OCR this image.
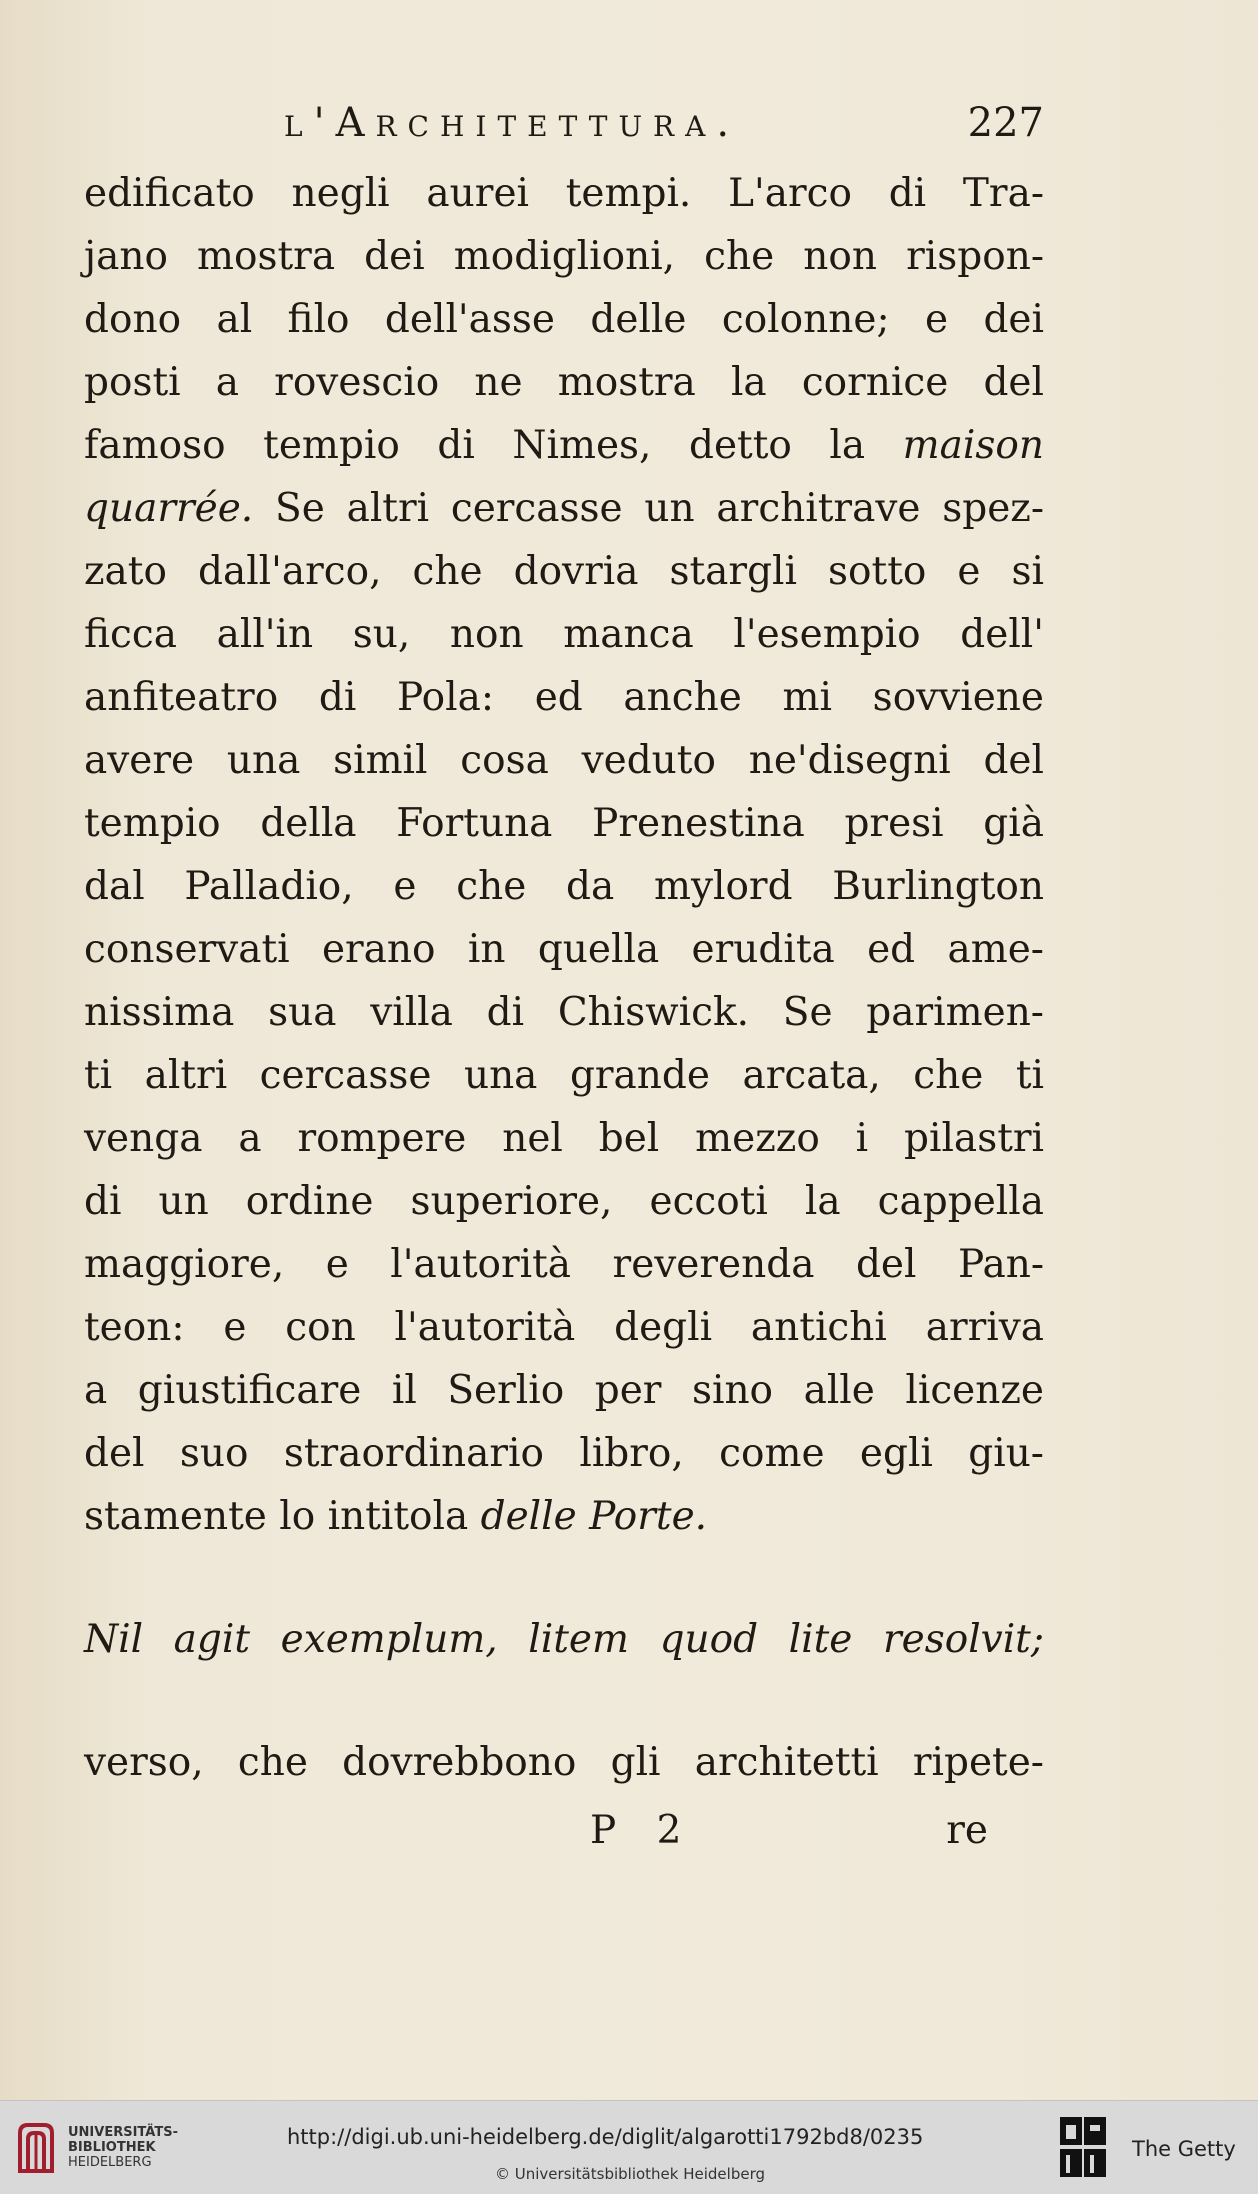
l'Architettura.	227
edificato negli aurei tempi. L'arco di Tra-
jano mostra dei modiglioni, che non rispon-
dono al filo dell'asse delle colonne; e dei
posti a rovescio ne mostra la cornice del
famoso tempio di Nimes, detto la maison
quarrée. Se altri cercasse un architrave spez-
zato dall'arco, che dovria stargli sotto e si
ficca all'in su, non manca l'esempio dell'
anfiteatro di Pola: ed anche mi sovviene
avere una simil cosa veduto ne'disegni del
tempio della Fortuna Prenestina presi già
dal Palladio, e che da mylord Burlington
conservati erano in quella erudita ed ame-
nissima sua villa di Chiswick. Se parimen-
ti altri cercasse una grande arcata, che ti
venga a rompere nel bel mezzo i pilastri
di un ordine superiore, eccoti la cappella
maggiore, e l'autorità reverenda del Pan-
teon: e con l'autorità degli antichi arriva
a giustificare il Serlio per sino alle licenze
del suo straordinario libro, come egli giu-
stamente lo intitola delle Porte.
Nil agit exemplum, litem quod lite resolvit;
verso, che dovrebbono gli architetti ripete-
P 2	re
UNIVERSITÄTS-
BIBLIOTHEK
HEIDELBERG
http://digi.ub.uni-heidelberg.de/diglit/algarotti1792bd8/0235
© Universitätsbibliothek Heidelberg
The Getty
